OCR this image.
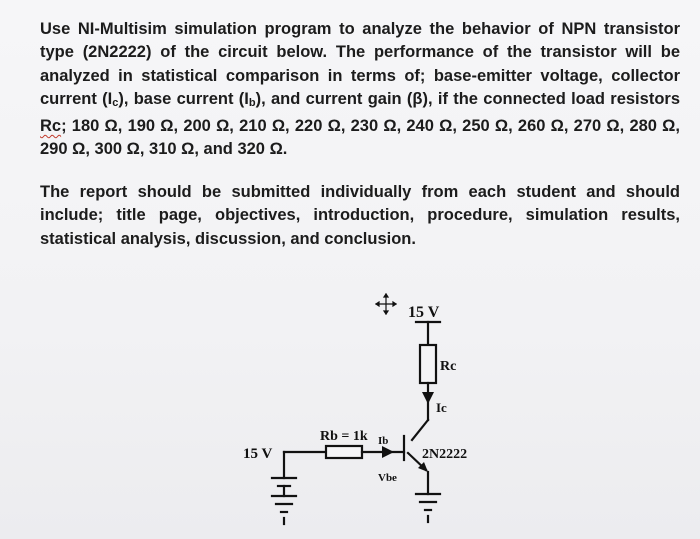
Use NI-Multisim simulation program to analyze the behavior of NPN transistor
type (2N2222) of the circuit below. The performance of the transistor will be
analyzed in statistical comparison in terms of; base-emitter voltage, collector
current (Ic), base current (Ib), and current gain (β), if the connected load resistors
Rc; 180 Ω, 190 Ω, 200 Ω, 210 Ω, 220 Ω, 230 Ω, 240 Ω, 250 Ω, 260 Ω, 270 Ω, 280 Ω,
290 Ω, 300 Ω, 310 Ω, and 320 Ω.
The report should be submitted individually from each student and should
include; title page, objectives, introduction, procedure, simulation results,
statistical analysis, discussion, and conclusion.
15 V
Rc
Ic
Rb = 1k Ib
2N2222
15 V
Vbe
